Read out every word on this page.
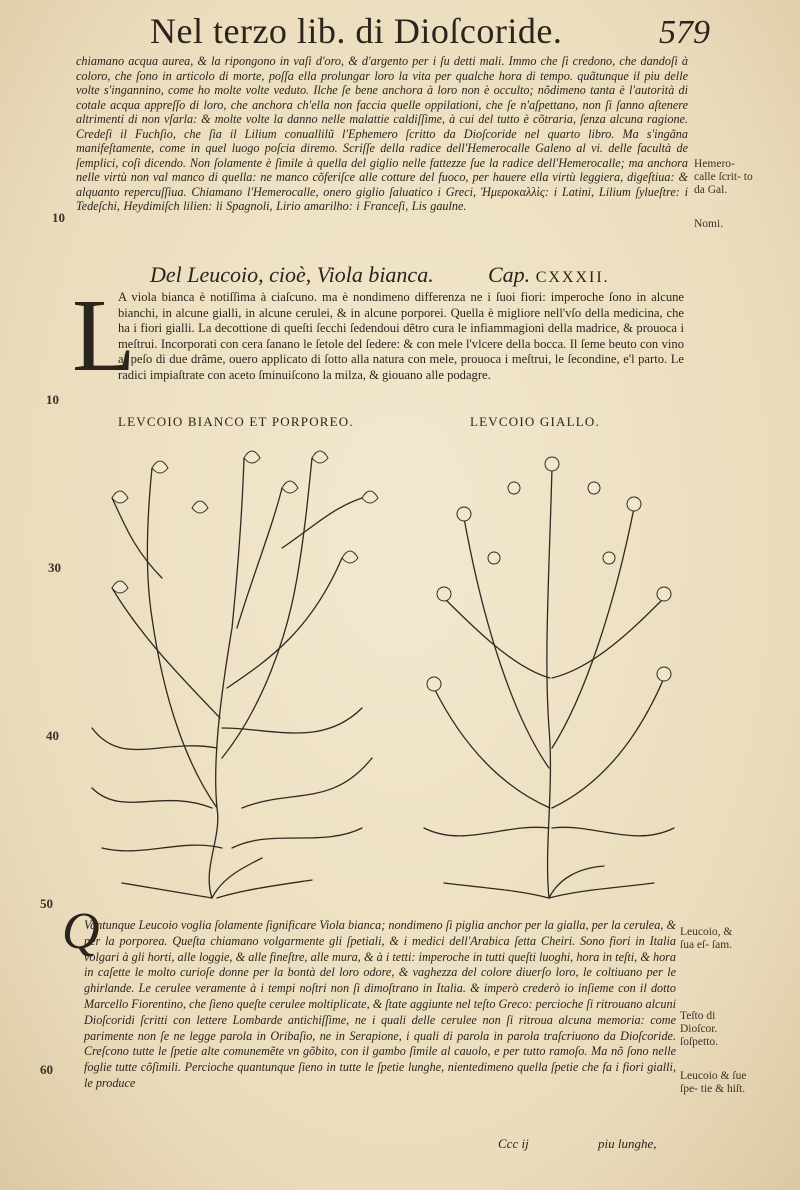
Nel terzo lib. di Dioſcoride.	579

chiamano acqua aurea, & la ripongono in vaſi d'oro, & d'argento per i ſu detti mali. Immo che ſi credono, che dandoſi à coloro, che ſono in articolo di morte, poſſa ella prolungar loro la vita per qualche hora di tempo. quãtunque il piu delle volte s'ingannino, come ho molte volte veduto. Ilche ſe bene anchora à loro non è occulto; nõdimeno tanta è l'autorità di cotale acqua appreſſo di loro, che anchora ch'ella non faccia quelle oppilationi, che ſe n'aſpettano, non ſi ſanno aſtenere altrimenti di non vſarla: & molte volte la danno nelle malattie caldiſſime, à cui del tutto è cõtraria, ſenza alcuna ragione. Credeſi il Fuchſio, che ſia il Lilium conuallilũ l'Ephemero ſcritto da Dioſcoride nel quarto libro. Ma s'ingãna manifeſtamente, come in quel luogo poſcia diremo. Scriſſe della radice dell'Hemerocalle Galeno al vi. delle facultà de ſemplici, coſi dicendo. Non ſolamente è ſimile à quella del giglio nelle fattezze ſue la radice dell'Hemerocalle; ma anchora nelle virtù non val manco di quella: ne manco cõferiſce alle cotture del fuoco, per hauere ella virtù leggiera, digeſtiua: & alquanto repercuſſiua. Chiamano l'Hemerocalle, onero giglio ſaluatico i Greci, Ἡμεροκαλλὶς: i Latini, Lilium ſylueſtre: i Tedeſchi, Heydimiſch lilien: li Spagnoli, Lirio amarilho: i Franceſi, Lis gaulne.

10
10
30
40
50
60
Hemero- calle ſcrit- to da Gal.
Nomi.
Leucoio, & ſua eſ- ſam.
Teſto di Dioſcor. ſoſpetto.
Leucoio & ſue ſpe- tie & hiſt.
Del Leucoio, cioè, Viola bianca. Cap. CXXXII.
L

A viola bianca è notiſſima à ciaſcuno. ma è nondimeno differenza ne i ſuoi fiori: imperoche ſono in alcune bianchi, in alcune gialli, in alcune cerulei, & in alcune porporei. Quella è migliore nell'vſo della medicina, che ha i fiori gialli. La decottione di queſti ſecchi ſedendoui dẽtro cura le infiammagioni della madrice, & prouoca i meſtrui. Incorporati con cera ſanano le ſetole del ſedere: & con mele l'vlcere della bocca. Il ſeme beuto con vino al peſo di due drãme, ouero applicato di ſotto alla natura con mele, prouoca i meſtrui, le ſecondine, e'l parto. Le radici impiaſtrate con aceto ſminuiſcono la milza, & giouano alle podagre.

LEVCOIO BIANCO ET PORPOREO.	LEVCOIO GIALLO.
Q

Vantunque Leucoio voglia ſolamente ſignificare Viola bianca; nondimeno ſi piglia anchor per la gialla, per la cerulea, & per la porporea. Queſta chiamano volgarmente gli ſpetiali, & i medici dell'Arabica ſetta Cheiri. Sono fiori in Italia volgari à gli horti, alle loggie, & alle fineſtre, alle mura, & à i tetti: imperoche in tutti queſti luoghi, hora in teſti, & hora in caſette le molto curioſe donne per la bontà del loro odore, & vaghezza del colore diuerſo loro, le coltiuano per le ghirlande. Le cerulee veramente à i tempi noſtri non ſi dimoſtrano in Italia. & imperò crederò io inſieme con il dotto Marcello Fiorentino, che ſieno queſte cerulee moltiplicate, & ſtate aggiunte nel teſto Greco: percioche ſi ritrouano alcuni Dioſcoridi ſcritti con lettere Lombarde antichiſſime, ne i quali delle cerulee non ſi ritroua alcuna memoria: come parimente non ſe ne legge parola in Oribaſio, ne in Serapione, i quali di parola in parola traſcriuono da Dioſcoride. Creſcono tutte le ſpetie alte comunemẽte vn gõbito, con il gambo ſimile al cauolo, e per tutto ramoſo. Ma nõ ſono nelle foglie tutte cõſimili. Percioche quantunque ſieno in tutte le ſpetie lunghe, nientedimeno quella ſpetie che fa i fiori gialli, le produce

Ccc ij	piu lunghe,
